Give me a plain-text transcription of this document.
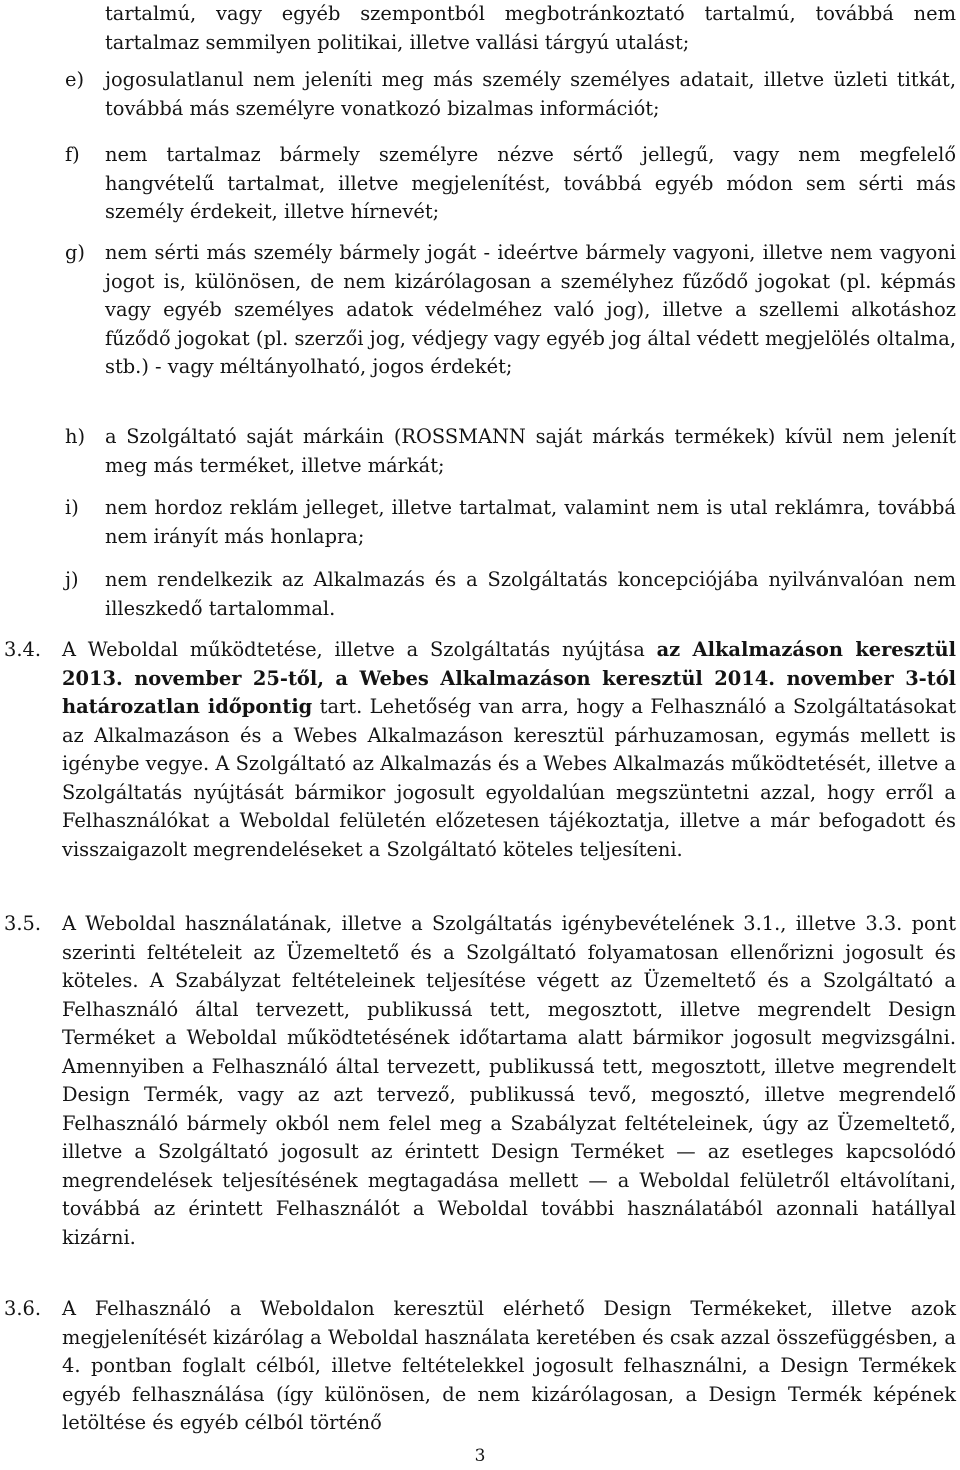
tartalmú, vagy egyéb szempontból megbotránkoztató tartalmú, továbbá nem tartalmaz semmilyen politikai, illetve vallási tárgyú utalást;

e) jogosulatlanul nem jeleníti meg más személy személyes adatait, illetve üzleti titkát, továbbá más személyre vonatkozó bizalmas információt;

f) nem tartalmaz bármely személyre nézve sértő jellegű, vagy nem megfelelő hangvételű tartalmat, illetve megjelenítést, továbbá egyéb módon sem sérti más személy érdekeit, illetve hírnevét;

g) nem sérti más személy bármely jogát - ideértve bármely vagyoni, illetve nem vagyoni jogot is, különösen, de nem kizárólagosan a személyhez fűződő jogokat (pl. képmás vagy egyéb személyes adatok védelméhez való jog), illetve a szellemi alkotáshoz fűződő jogokat (pl. szerzői jog, védjegy vagy egyéb jog által védett megjelölés oltalma, stb.) - vagy méltányolható, jogos érdekét;

h) a Szolgáltató saját márkáin (ROSSMANN saját márkás termékek) kívül nem jelenít meg más terméket, illetve márkát;

i) nem hordoz reklám jelleget, illetve tartalmat, valamint nem is utal reklámra, továbbá nem irányít más honlapra;

j) nem rendelkezik az Alkalmazás és a Szolgáltatás koncepciójába nyilvánvalóan nem illeszkedő tartalommal.

3.4. A Weboldal működtetése, illetve a Szolgáltatás nyújtása az Alkalmazáson keresztül 2013. november 25-től, a Webes Alkalmazáson keresztül 2014. november 3-tól határozatlan időpontig tart. Lehetőség van arra, hogy a Felhasználó a Szolgáltatásokat az Alkalmazáson és a Webes Alkalmazáson keresztül párhuzamosan, egymás mellett is igénybe vegye. A Szolgáltató az Alkalmazás és a Webes Alkalmazás működtetését, illetve a Szolgáltatás nyújtását bármikor jogosult egyoldalúan megszüntetni azzal, hogy erről a Felhasználókat a Weboldal felületén előzetesen tájékoztatja, illetve a már befogadott és visszaigazolt megrendeléseket a Szolgáltató köteles teljesíteni.

3.5. A Weboldal használatának, illetve a Szolgáltatás igénybevételének 3.1., illetve 3.3. pont szerinti feltételeit az Üzemeltető és a Szolgáltató folyamatosan ellenőrizni jogosult és köteles. A Szabályzat feltételeinek teljesítése végett az Üzemeltető és a Szolgáltató a Felhasználó által tervezett, publikussá tett, megosztott, illetve megrendelt Design Terméket a Weboldal működtetésének időtartama alatt bármikor jogosult megvizsgálni. Amennyiben a Felhasználó által tervezett, publikussá tett, megosztott, illetve megrendelt Design Termék, vagy az azt tervező, publikussá tevő, megosztó, illetve megrendelő Felhasználó bármely okból nem felel meg a Szabályzat feltételeinek, úgy az Üzemeltető, illetve a Szolgáltató jogosult az érintett Design Terméket — az esetleges kapcsolódó megrendelések teljesítésének megtagadása mellett — a Weboldal felületről eltávolítani, továbbá az érintett Felhasználót a Weboldal további használatából azonnali hatállyal kizárni.

3.6. A Felhasználó a Weboldalon keresztül elérhető Design Termékeket, illetve azok megjelenítését kizárólag a Weboldal használata keretében és csak azzal összefüggésben, a 4. pontban foglalt célból, illetve feltételekkel jogosult felhasználni, a Design Termékek egyéb felhasználása (így különösen, de nem kizárólagosan, a Design Termék képének letöltése és egyéb célból történő

3
